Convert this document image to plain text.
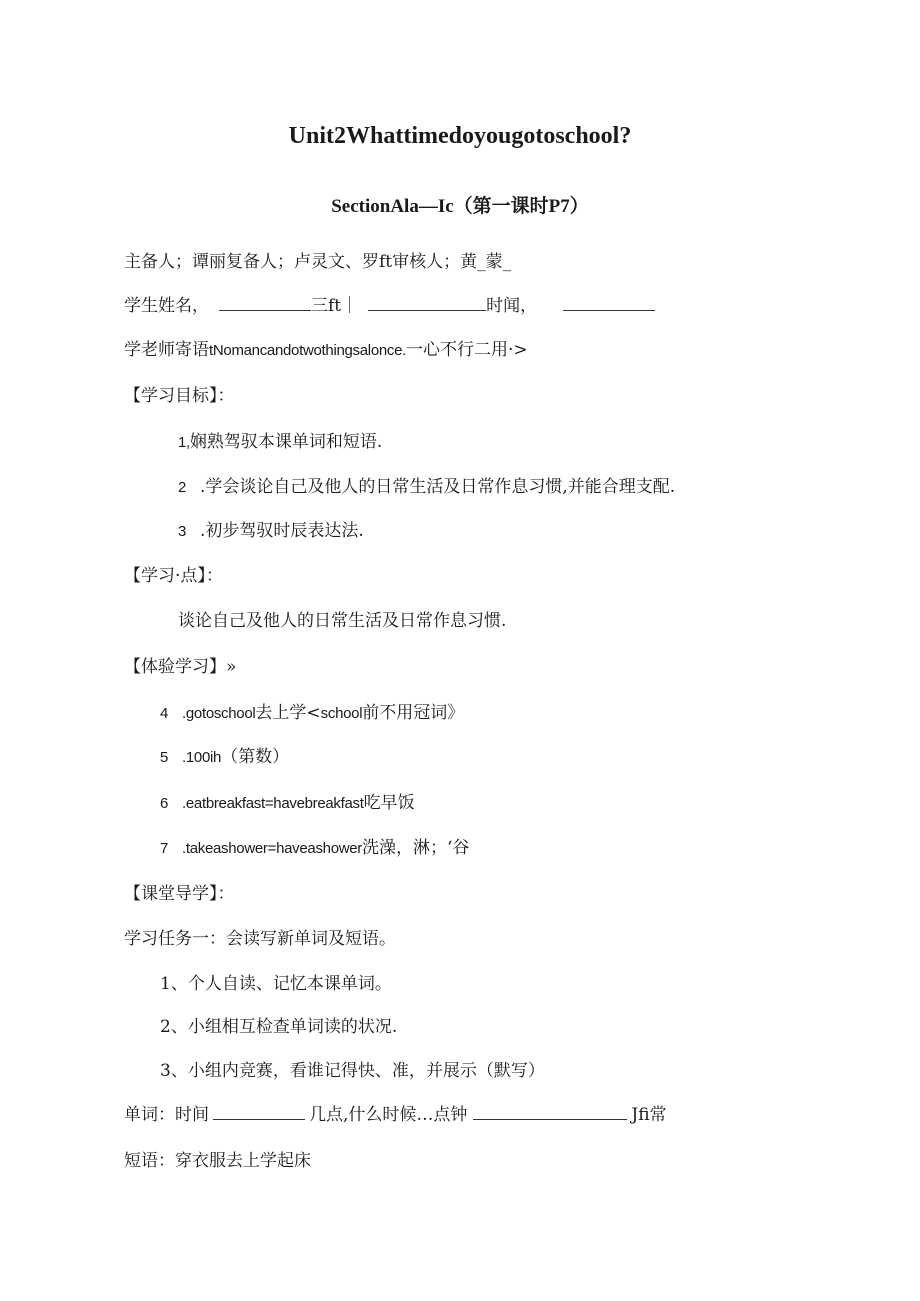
Unit2Whattimedoyougotoschool?
SectionAla—Ic（第一课时P7）
主备人；谭丽复备人；卢灵文、罗ft审核人；黄_蒙_
学生姓名，	三ft｜	时闻，
学老师寄语tNomancandotwothingsalonce.一心不行二用·>
【学习目标】：
1,娴熟驾驭本课单词和短语.
2 .学会谈论自己及他人的日常生活及日常作息习惯,并能合理支配.
3 .初步驾驭时辰表达法.
【学习·点】：
谈论自己及他人的日常生活及日常作息习惯.
【体验学习】»
4 .gotoschool去上学<school前不用冠词》
5 .100ih（第数）
6 .eatbreakfast=havebreakfast吃早饭
7 .takeashower=haveashower洗澡，淋；‘谷
【课堂导学】：
学习任务一：会读写新单词及短语。
1、个人自读、记忆本课单词。
2、小组相互检查单词读的状况.
3、小组内竞赛，看谁记得快、准，并展示（默写）
单词：时间	几点,什么时候…点钟	Jfi常
短语：穿衣服去上学起床
